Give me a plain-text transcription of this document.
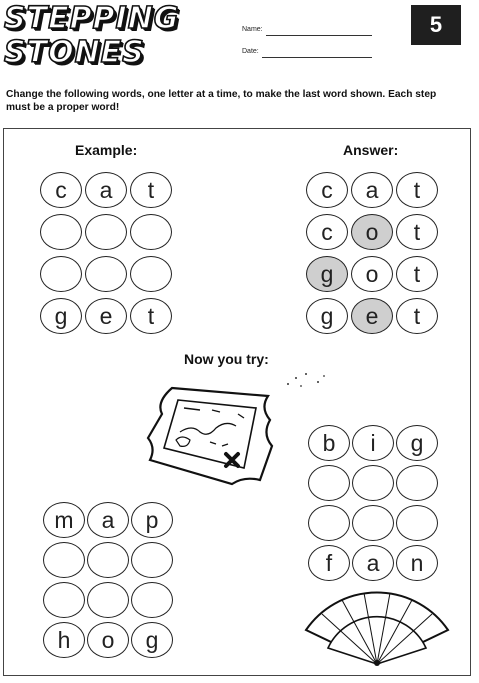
STEPPING
STONES
Name:
Date:
5
Change the following words, one letter at a time, to make the last word shown. Each step must be a proper word!
Example:	Answer:
Now you try:
c	a	t
g	e	t
c	a	t
c	o	t
g	o	t
g	e	t
b	i	g
f	a	n
m	a	p
h	o	g
